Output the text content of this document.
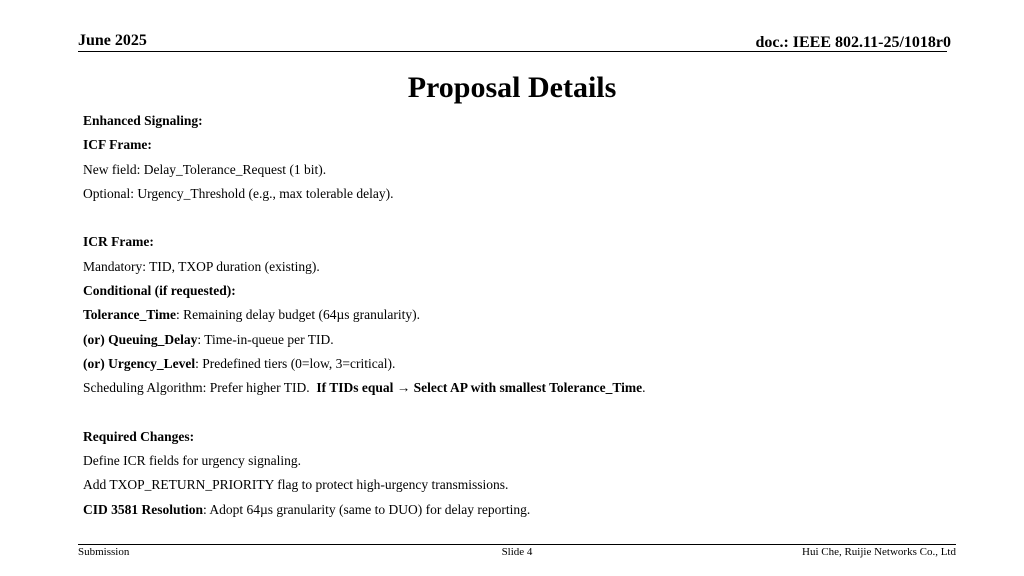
June 2025	doc.: IEEE 802.11-25/1018r0
Proposal Details
Enhanced Signaling:
ICF Frame:
New field: Delay_Tolerance_Request (1 bit).
Optional: Urgency_Threshold (e.g., max tolerable delay).
ICR Frame:
Mandatory: TID, TXOP duration (existing).
Conditional (if requested):
Tolerance_Time: Remaining delay budget (64µs granularity).
(or) Queuing_Delay: Time-in-queue per TID.
(or) Urgency_Level: Predefined tiers (0=low, 3=critical).
Scheduling Algorithm: Prefer higher TID.  If TIDs equal → Select AP with smallest Tolerance_Time.
Required Changes:
Define ICR fields for urgency signaling.
Add TXOP_RETURN_PRIORITY flag to protect high-urgency transmissions.
CID 3581 Resolution: Adopt 64µs granularity (same to DUO) for delay reporting.
Submission	Slide 4	Hui Che, Ruijie Networks Co., Ltd
